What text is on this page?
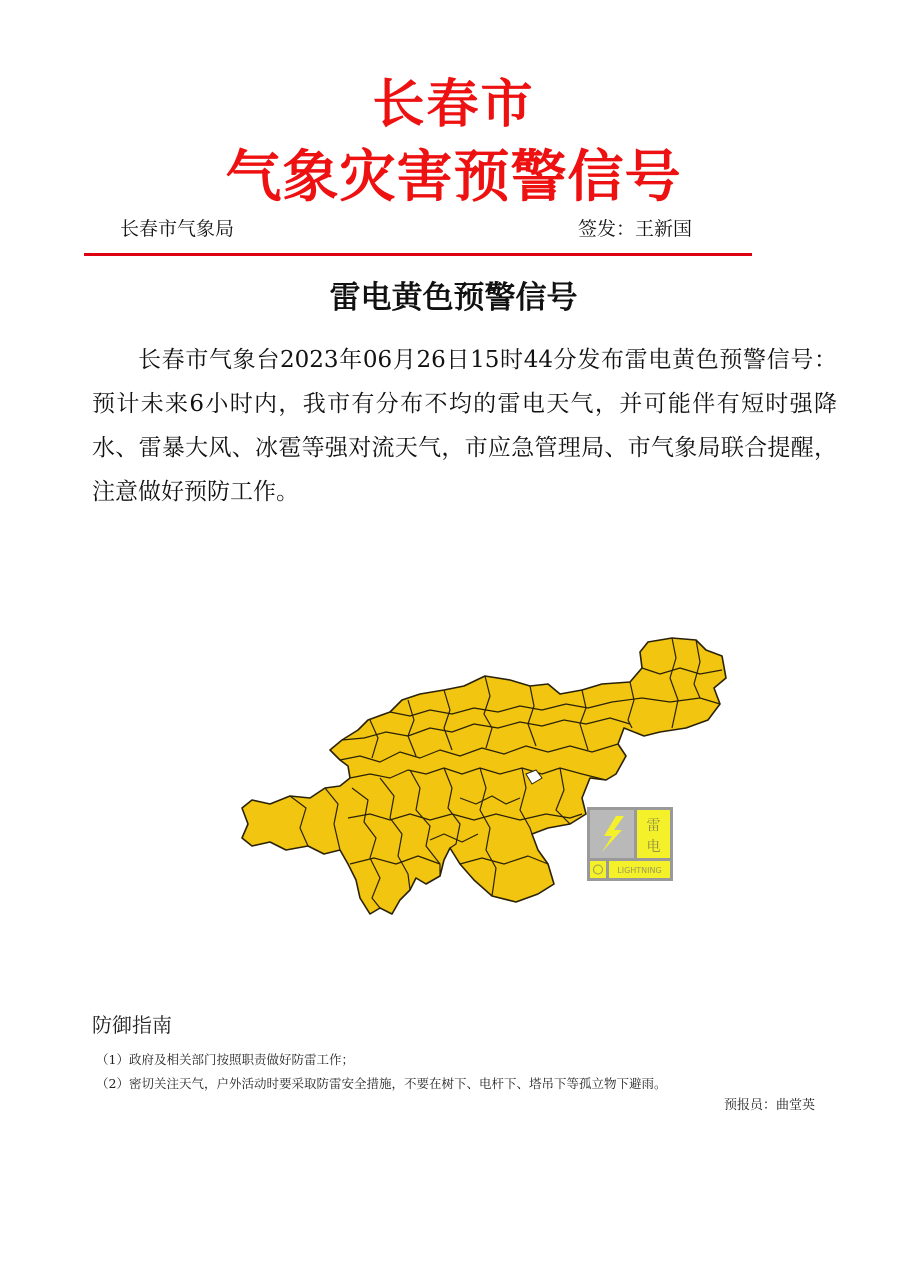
长春市
气象灾害预警信号
长春市气象局	签发：王新国
雷电黄色预警信号

长春市气象台2023年06月26日15时44分发布雷电黄色预警信号：预计未来6小时内，我市有分布不均的雷电天气，并可能伴有短时强降水、雷暴大风、冰雹等强对流天气，市应急管理局、市气象局联合提醒，注意做好预防工作。

雷
电
LIGHTNING
防御指南
（1）政府及相关部门按照职责做好防雷工作；
（2）密切关注天气，户外活动时要采取防雷安全措施，不要在树下、电杆下、塔吊下等孤立物下避雨。
预报员：曲堂英
